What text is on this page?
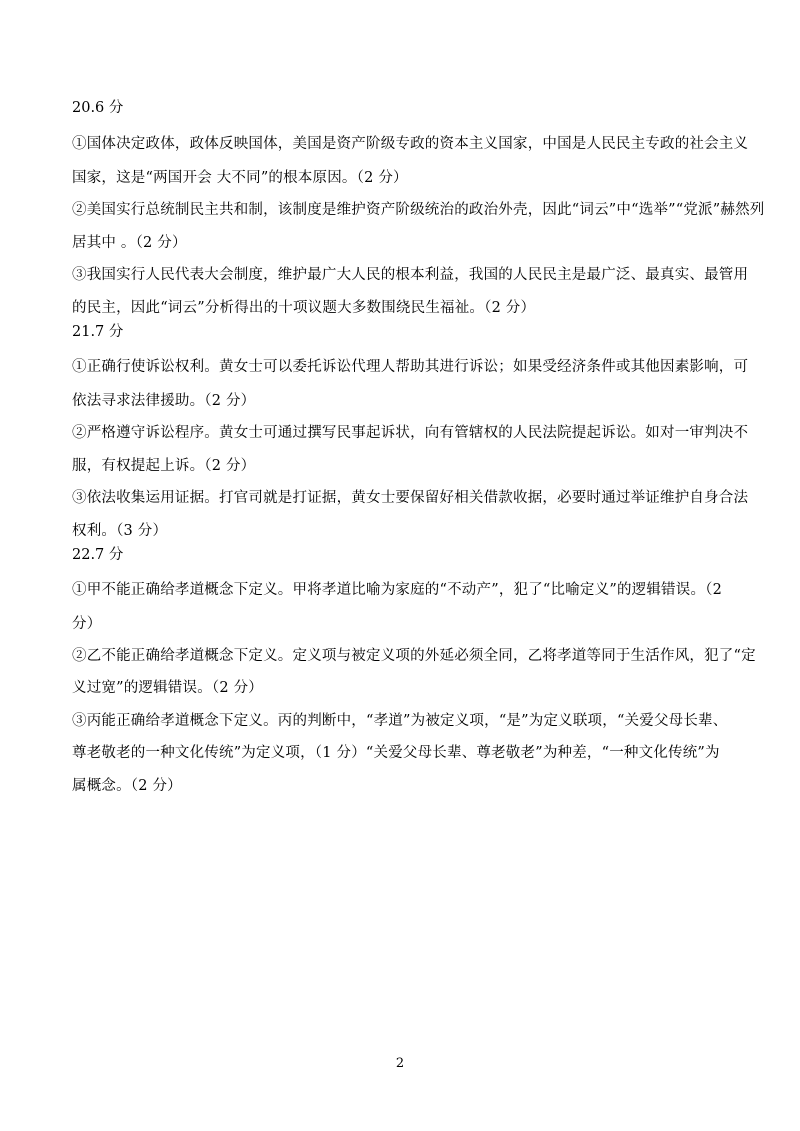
20.6 分
①国体决定政体，政体反映国体，美国是资产阶级专政的资本主义国家，中国是人民民主专政的社会主义
国家，这是“两国开会 大不同”的根本原因。（2 分）
②美国实行总统制民主共和制，该制度是维护资产阶级统治的政治外壳，因此“词云”中“选举”“党派”赫然列
居其中 。（2 分）
③我国实行人民代表大会制度，维护最广大人民的根本利益，我国的人民民主是最广泛、最真实、最管用
的民主，因此“词云”分析得出的十项议题大多数围绕民生福祉。（2 分）
21.7 分
①正确行使诉讼权利。黄女士可以委托诉讼代理人帮助其进行诉讼；如果受经济条件或其他因素影响，可
依法寻求法律援助。（2 分）
②严格遵守诉讼程序。黄女士可通过撰写民事起诉状，向有管辖权的人民法院提起诉讼。如对一审判决不
服，有权提起上诉。（2 分）
③依法收集运用证据。打官司就是打证据，黄女士要保留好相关借款收据，必要时通过举证维护自身合法
权利。（3 分）
22.7 分
①甲不能正确给孝道概念下定义。甲将孝道比喻为家庭的“不动产”，犯了“比喻定义”的逻辑错误。（2
分）
②乙不能正确给孝道概念下定义。定义项与被定义项的外延必须全同，乙将孝道等同于生活作风，犯了“定
义过宽”的逻辑错误。（2 分）
③丙能正确给孝道概念下定义。丙的判断中，“孝道”为被定义项，“是”为定义联项，“关爱父母长辈、
尊老敬老的一种文化传统”为定义项，（1 分）“关爱父母长辈、尊老敬老”为种差，“一种文化传统”为
属概念。（2 分）
2
